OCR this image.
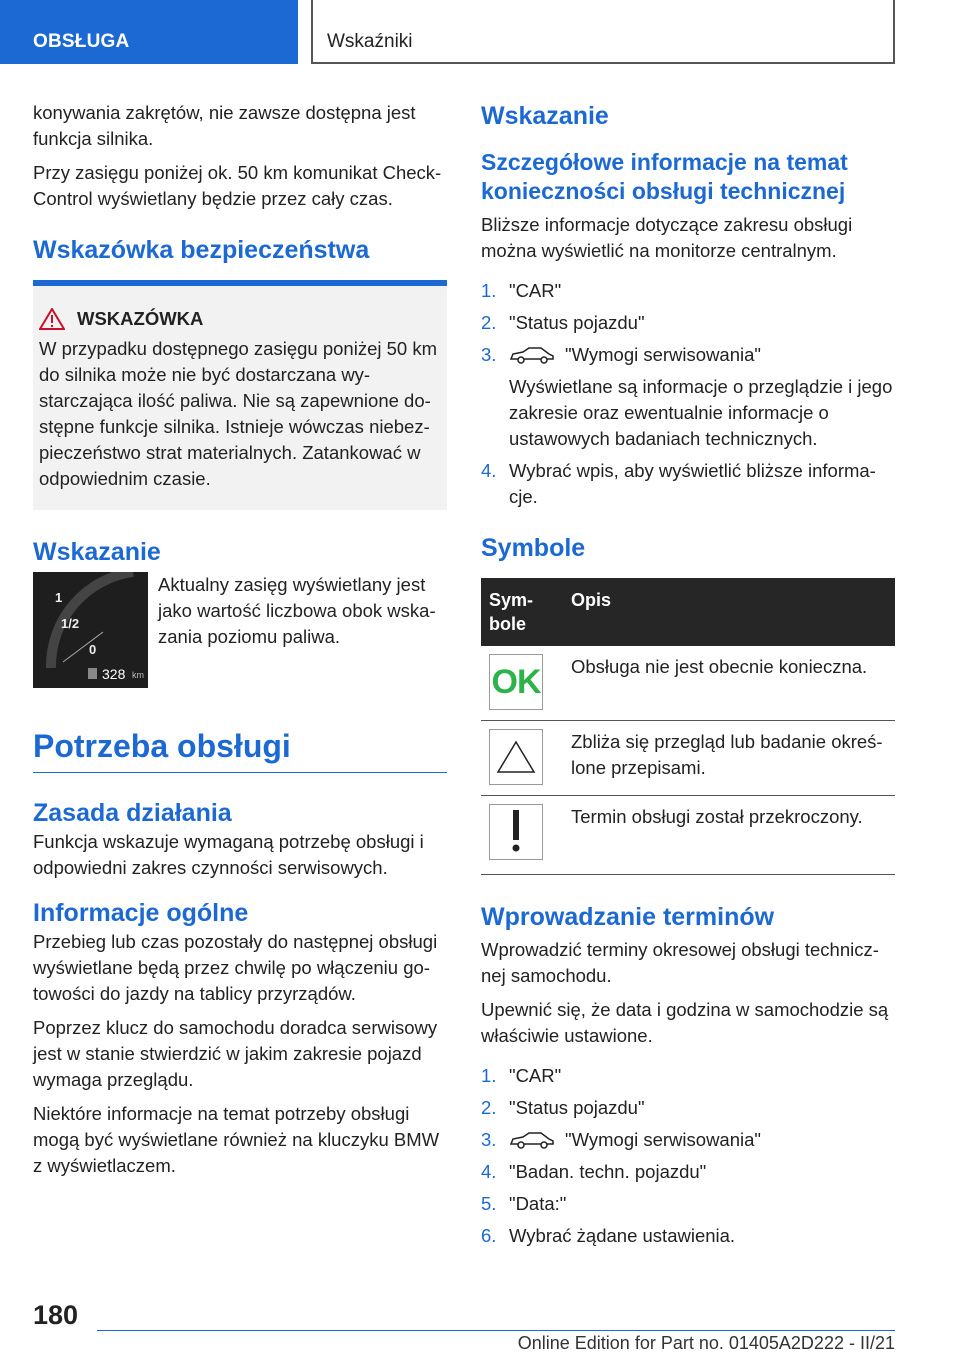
OBSŁUGA	Wskaźniki

konywania zakrętów, nie zawsze dostępna jest funkcja silnika.

Przy zasięgu poniżej ok. 50 km komunikat Check-Control wyświetlany będzie przez cały czas.

Wskazówka bezpieczeństwa
WSKAZÓWKA

W przypadku dostępnego zasięgu poniżej 50 km do silnika może nie być dostarczana wy-starczająca ilość paliwa. Nie są zapewnione do-stępne funkcje silnika. Istnieje wówczas niebez-pieczeństwo strat materialnych. Zatankować w odpowiednim czasie.

Wskazanie
1
1/2
0
328 km

Aktualny zasięg wyświetlany jest jako wartość liczbowa obok wska-zania poziomu paliwa.

Potrzeba obsługi
Zasada działania

Funkcja wskazuje wymaganą potrzebę obsługi i odpowiedni zakres czynności serwisowych.

Informacje ogólne

Przebieg lub czas pozostały do następnej obsługi wyświetlane będą przez chwilę po włączeniu go-towości do jazdy na tablicy przyrządów.

Poprzez klucz do samochodu doradca serwisowy jest w stanie stwierdzić w jakim zakresie pojazd wymaga przeglądu.

Niektóre informacje na temat potrzeby obsługi mogą być wyświetlane również na kluczyku BMW z wyświetlaczem.

Wskazanie
Szczegółowe informacje na temat konieczności obsługi technicznej

Bliższe informacje dotyczące zakresu obsługi można wyświetlić na monitorze centralnym.

1. "CAR"
2. "Status pojazdu"
3.	"Wymogi serwisowania"
Wyświetlane są informacje o przeglądzie i jego zakresie oraz ewentualnie informacje o ustawowych badaniach technicznych.
4. Wybrać wpis, aby wyświetlić bliższe informa-cje.
Symbole
Sym-bole	Opis

OK	Obsługa nie jest obecnie konieczna.

	Zbliża się przegląd lub badanie okreś-lone przepisami.

	Termin obsługi został przekroczony.
Wprowadzanie terminów

Wprowadzić terminy okresowej obsługi technicz-nej samochodu.

Upewnić się, że data i godzina w samochodzie są właściwie ustawione.

1. "CAR"
2. "Status pojazdu"
3.	"Wymogi serwisowania"
4. "Badan. techn. pojazdu"
5. "Data:"
6. Wybrać żądane ustawienia.
180
Online Edition for Part no. 01405A2D222 - II/21
